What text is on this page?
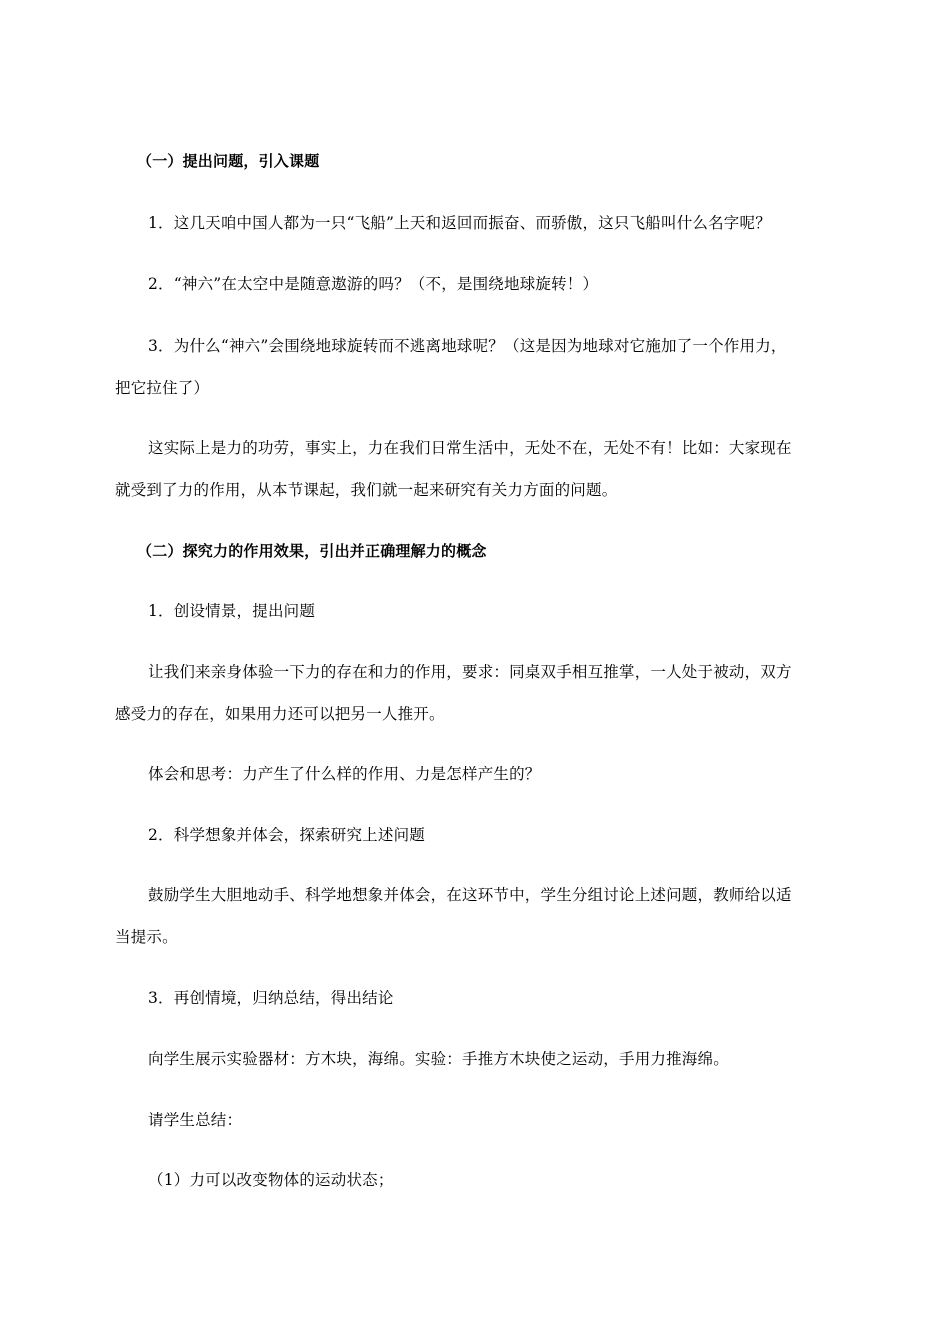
（一）提出问题，引入课题
1．这几天咱中国人都为一只“飞船”上天和返回而振奋、而骄傲，这只飞船叫什么名字呢？
2．“神六”在太空中是随意遨游的吗？（不，是围绕地球旋转！）
3．为什么“神六”会围绕地球旋转而不逃离地球呢？（这是因为地球对它施加了一个作用力，
把它拉住了）
这实际上是力的功劳，事实上，力在我们日常生活中，无处不在，无处不有！比如：大家现在
就受到了力的作用，从本节课起，我们就一起来研究有关力方面的问题。
（二）探究力的作用效果，引出并正确理解力的概念
1．创设情景，提出问题
让我们来亲身体验一下力的存在和力的作用，要求：同桌双手相互推掌，一人处于被动，双方
感受力的存在，如果用力还可以把另一人推开。
体会和思考：力产生了什么样的作用、力是怎样产生的？
2．科学想象并体会，探索研究上述问题
鼓励学生大胆地动手、科学地想象并体会，在这环节中，学生分组讨论上述问题，教师给以适
当提示。
3．再创情境，归纳总结，得出结论
向学生展示实验器材：方木块，海绵。实验：手推方木块使之运动，手用力推海绵。
请学生总结：
（1）力可以改变物体的运动状态；
